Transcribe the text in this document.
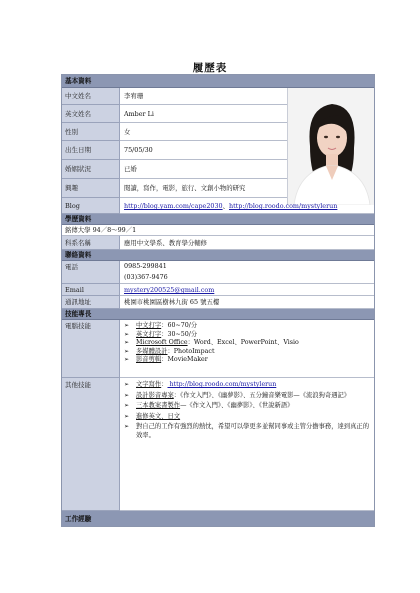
履歷表
基本資料
中文姓名	李宥珊
英文姓名	Amber Li
性別	女
出生日期	75/05/30
婚姻狀況	已婚
興趣	閱讀，寫作，電影，旅行、文創小物的研究
Blog	http://blog.yam.com/cape2030、http://blog.roodo.com/mystylerun
學歷資料
銘傳大學 94／8～99／1
科系名稱	應用中文學系、教育學分輔修
聯絡資料
電話	0985-299841
(03)367-9476
Email	mystery200525@gmail.com
通訊地址	桃園市桃園區樹林九街 65 號五樓
技能專長
電腦技能	➢ 中文打字：60~70/分
➢ 英文打字：30~50/分
➢ Microsoft Office：Word、Excel、PowerPoint、Visio
➢ 多媒體設計：PhotoImpact
➢ 影音剪輯：MovieMaker
其他技能	➢ 文字寫作： http://blog.roodo.com/mystylerun
➢ 設計影音專案：《作文入門》、《幽夢影》、五分鐘音樂電影—《流浪狗奇遇記》
➢ 三本教案書製作—《作文入門》、《幽夢影》、《世說新語》
➢ 進修英文、日文
➢ 對自己的工作有強烈的熱忱，希望可以學更多並幫同事或主管分擔事務，達到真正的效率。
工作經驗
